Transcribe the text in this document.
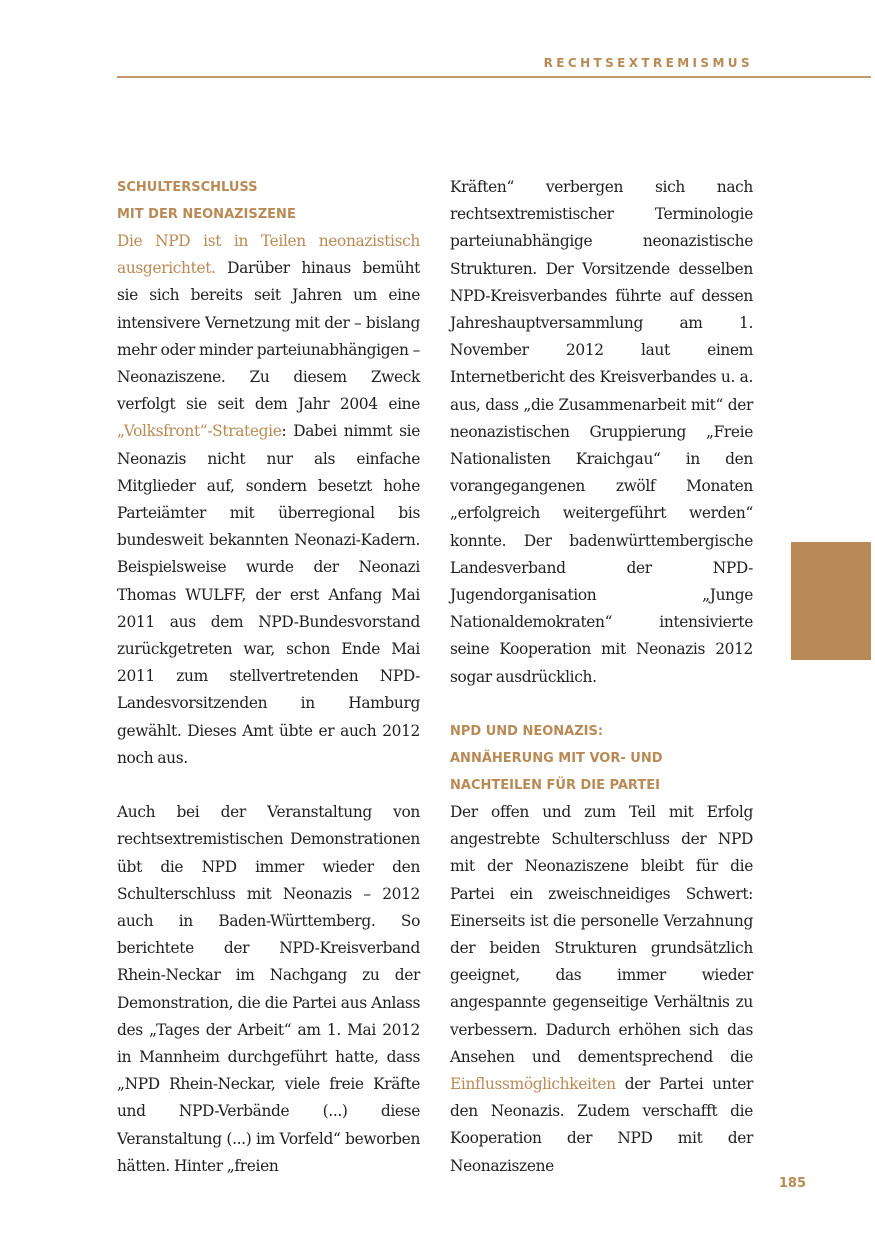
RECHTSEXTREMISMUS
SCHULTERSCHLUSS
MIT DER NEONAZISZENE

Die NPD ist in Teilen neonazistisch ausgerichtet. Darüber hinaus bemüht sie sich bereits seit Jahren um eine intensivere Vernetzung mit der – bislang mehr oder minder parteiunabhängigen – Neonaziszene. Zu diesem Zweck verfolgt sie seit dem Jahr 2004 eine „Volksfront“-Strategie: Dabei nimmt sie Neonazis nicht nur als einfache Mitglieder auf, sondern besetzt hohe Parteiämter mit überregional bis bundesweit bekannten Neonazi-Kadern. Beispielsweise wurde der Neonazi Thomas WULFF, der erst Anfang Mai 2011 aus dem NPD-Bundesvorstand zurückgetreten war, schon Ende Mai 2011 zum stellvertretenden NPD-Landesvorsitzenden in Hamburg gewählt. Dieses Amt übte er auch 2012 noch aus.

Auch bei der Veranstaltung von rechtsextremistischen Demonstrationen übt die NPD immer wieder den Schulterschluss mit Neonazis – 2012 auch in Baden-Württemberg. So berichtete der NPD-Kreisverband Rhein-Neckar im Nachgang zu der Demonstration, die die Partei aus Anlass des „Tages der Arbeit“ am 1. Mai 2012 in Mannheim durchgeführt hatte, dass „NPD Rhein-Neckar, viele freie Kräfte und NPD-Verbände (...) diese Veranstaltung (...) im Vorfeld“ beworben hätten. Hinter „freien

Kräften“ verbergen sich nach rechtsextremistischer Terminologie parteiunabhängige neonazistische Strukturen. Der Vorsitzende desselben NPD-Kreisverbandes führte auf dessen Jahreshauptversammlung am 1. November 2012 laut einem Internetbericht des Kreisverbandes u. a. aus, dass „die Zusammenarbeit mit“ der neonazistischen Gruppierung „Freie Nationalisten Kraichgau“ in den vorangegangenen zwölf Monaten „erfolgreich weitergeführt werden“ konnte. Der badenwürttembergische Landesverband der NPD-Jugendorganisation „Junge Nationaldemokraten“ intensivierte seine Kooperation mit Neonazis 2012 sogar ausdrücklich.

NPD UND NEONAZIS:
ANNÄHERUNG MIT VOR- UND
NACHTEILEN FÜR DIE PARTEI

Der offen und zum Teil mit Erfolg angestrebte Schulterschluss der NPD mit der Neonaziszene bleibt für die Partei ein zweischneidiges Schwert: Einerseits ist die personelle Verzahnung der beiden Strukturen grundsätzlich geeignet, das immer wieder angespannte gegenseitige Verhältnis zu verbessern. Dadurch erhöhen sich das Ansehen und dementsprechend die Einflussmöglichkeiten der Partei unter den Neonazis. Zudem verschafft die Kooperation der NPD mit der Neonaziszene

185
